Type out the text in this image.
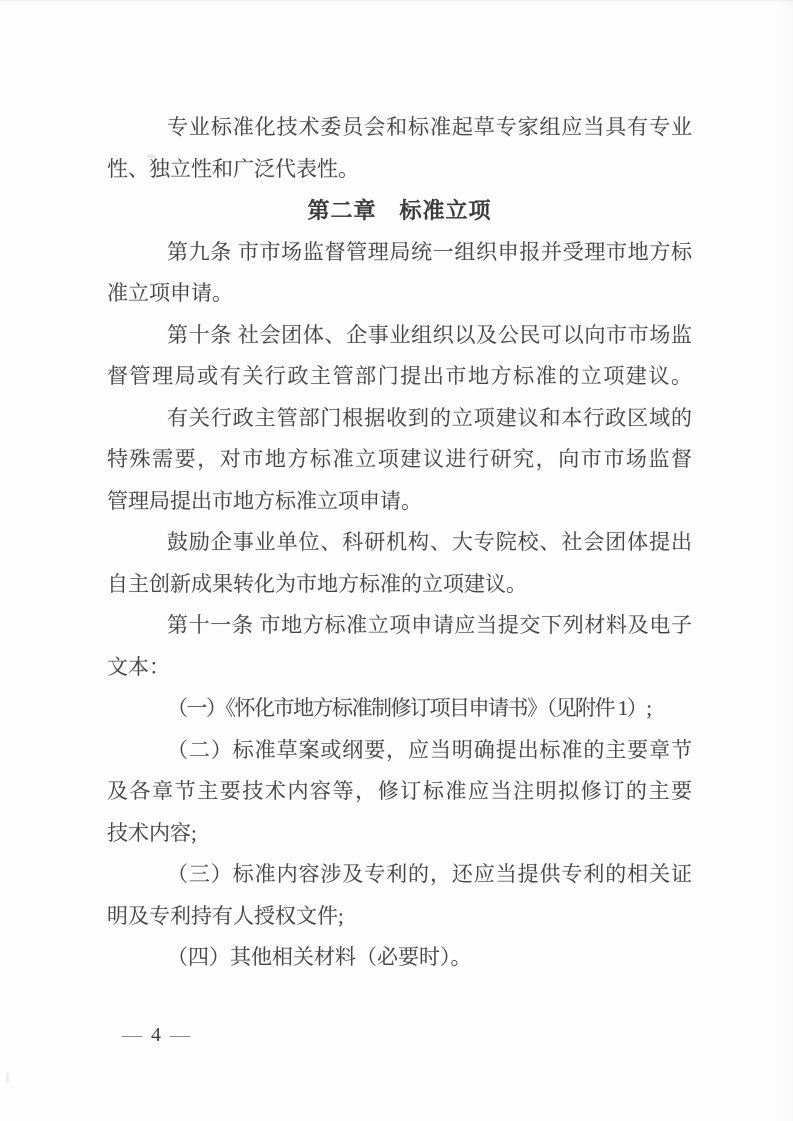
专业标准化技术委员会和标准起草专家组应当具有专业
性、独立性和广泛代表性。
第二章　标准立项
第九条 市市场监督管理局统一组织申报并受理市地方标
准立项申请。
第十条 社会团体、企事业组织以及公民可以向市市场监
督管理局或有关行政主管部门提出市地方标准的立项建议。
有关行政主管部门根据收到的立项建议和本行政区域的
特殊需要，对市地方标准立项建议进行研究，向市市场监督
管理局提出市地方标准立项申请。
鼓励企事业单位、科研机构、大专院校、社会团体提出
自主创新成果转化为市地方标准的立项建议。
第十一条 市地方标准立项申请应当提交下列材料及电子
文本：
（一）《怀化市地方标准制修订项目申请书》（见附件 1）;
（二）标准草案或纲要，应当明确提出标准的主要章节
及各章节主要技术内容等，修订标准应当注明拟修订的主要
技术内容;
（三）标准内容涉及专利的，还应当提供专利的相关证
明及专利持有人授权文件;
（四）其他相关材料（必要时）。
— 4 —
